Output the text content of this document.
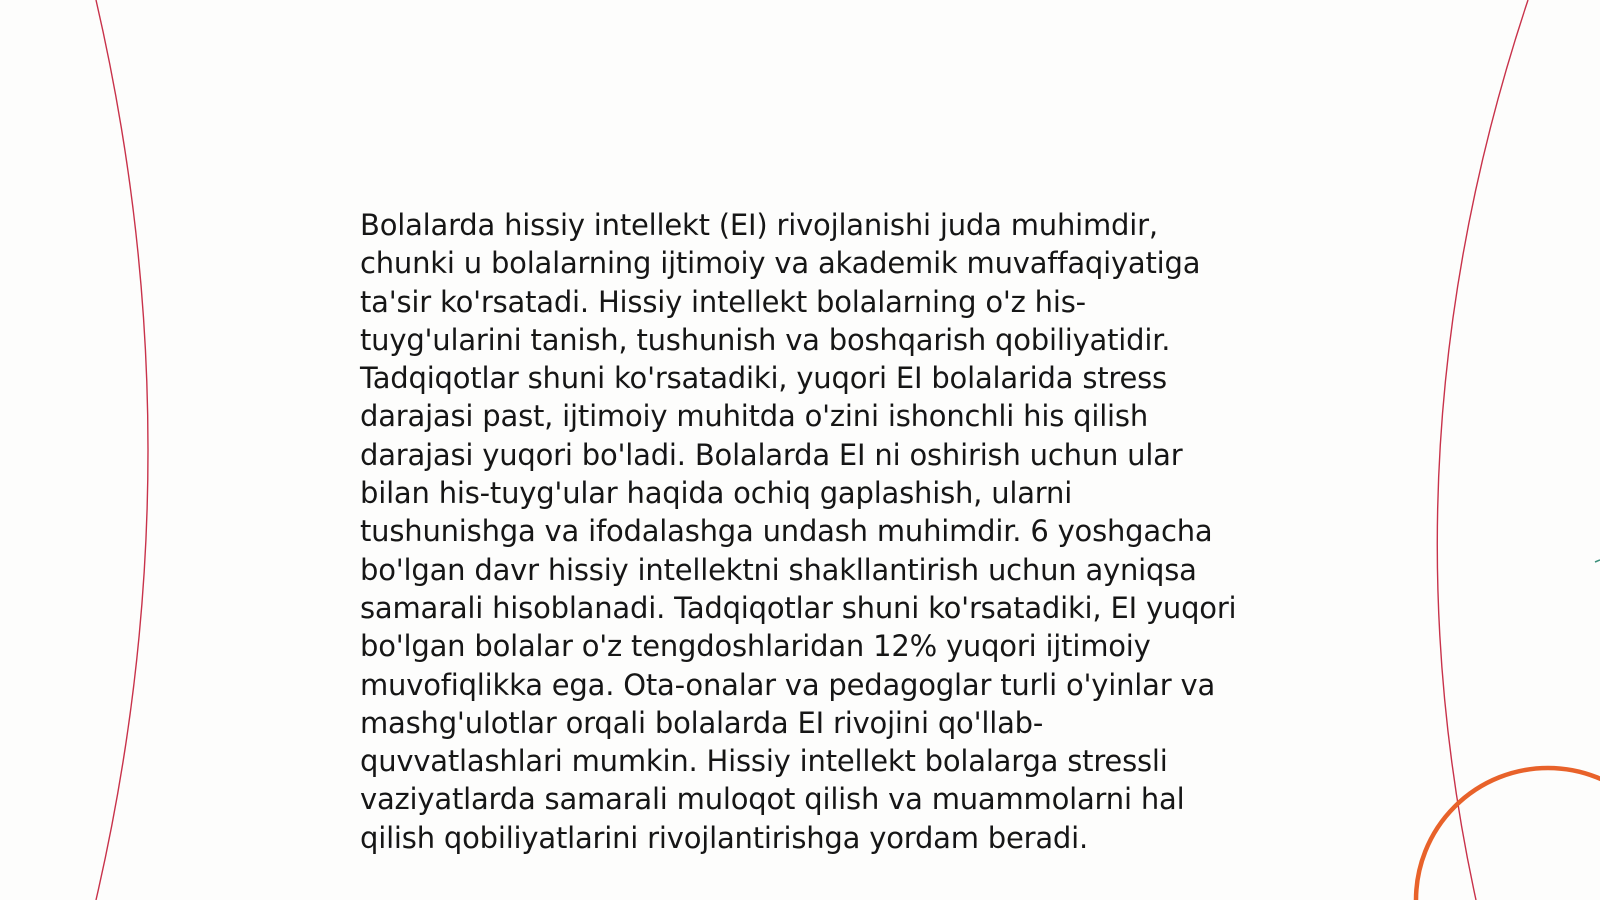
Bolalarda hissiy intellekt (EI) rivojlanishi juda muhimdir, chunki u bolalarning ijtimoiy va akademik muvaffaqiyatiga ta'sir ko'rsatadi. Hissiy intellekt bolalarning o'z his-tuyg'ularini tanish, tushunish va boshqarish qobiliyatidir. Tadqiqotlar shuni ko'rsatadiki, yuqori EI bolalarida stress darajasi past, ijtimoiy muhitda o'zini ishonchli his qilish darajasi yuqori bo'ladi. Bolalarda EI ni oshirish uchun ular bilan his-tuyg'ular haqida ochiq gaplashish, ularni tushunishga va ifodalashga undash muhimdir. 6 yoshgacha bo'lgan davr hissiy intellektni shakllantirish uchun ayniqsa samarali hisoblanadi. Tadqiqotlar shuni ko'rsatadiki, EI yuqori bo'lgan bolalar o'z tengdoshlaridan 12% yuqori ijtimoiy muvofiqlikka ega. Ota-onalar va pedagoglar turli o'yinlar va mashg'ulotlar orqali bolalarda EI rivojini qo'llab-quvvatlashlari mumkin. Hissiy intellekt bolalarga stressli vaziyatlarda samarali muloqot qilish va muammolarni hal qilish qobiliyatlarini rivojlantirishga yordam beradi.
